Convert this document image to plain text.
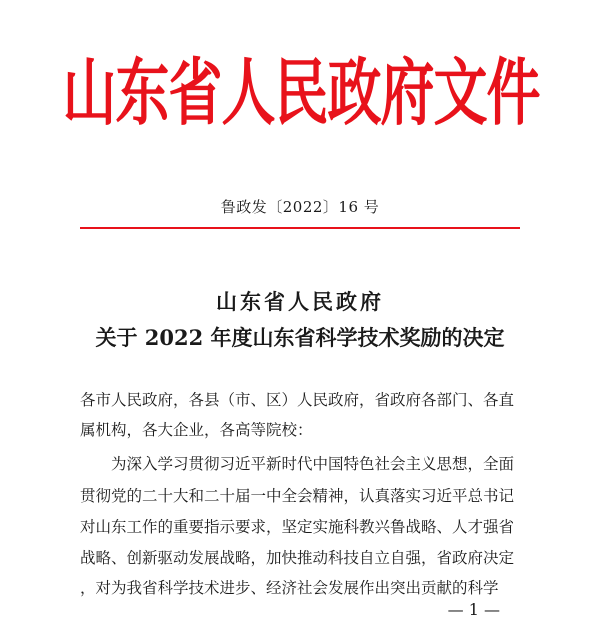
山东省人民政府文件
鲁政发〔2022〕16 号
山东省人民政府
关于 2022 年度山东省科学技术奖励的决定
各市人民政府，各县（市、区）人民政府，省政府各部门、各直
属机构，各大企业，各高等院校：
为深入学习贯彻习近平新时代中国特色社会主义思想，全面
贯彻党的二十大和二十届一中全会精神，认真落实习近平总书记
对山东工作的重要指示要求，坚定实施科教兴鲁战略、人才强省
战略、创新驱动发展战略，加快推动科技自立自强，省政府决定
，对为我省科学技术进步、经济社会发展作出突出贡献的科学
— 1 —
